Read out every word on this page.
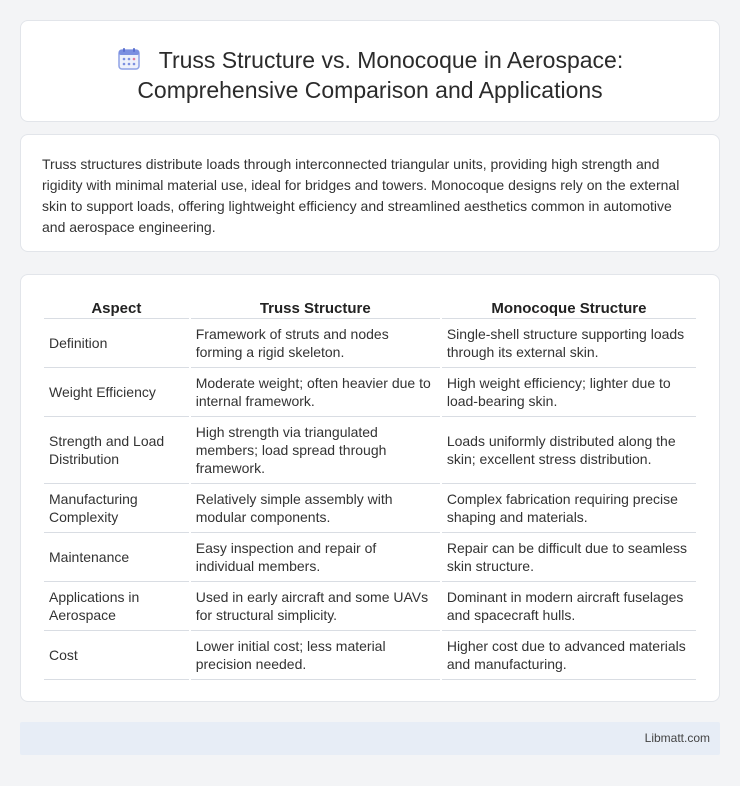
Truss Structure vs. Monocoque in Aerospace:
Comprehensive Comparison and Applications

Truss structures distribute loads through interconnected triangular units, providing high strength and rigidity with minimal material use, ideal for bridges and towers. Monocoque designs rely on the external skin to support loads, offering lightweight efficiency and streamlined aesthetics common in automotive and aerospace engineering.

Aspect	Truss Structure	Monocoque Structure
Definition	Framework of struts and nodes forming a rigid skeleton.	Single-shell structure supporting loads through its external skin.
Weight Efficiency	Moderate weight; often heavier due to internal framework.	High weight efficiency; lighter due to load-bearing skin.
Strength and Load Distribution	High strength via triangulated members; load spread through framework.	Loads uniformly distributed along the skin; excellent stress distribution.
Manufacturing Complexity	Relatively simple assembly with modular components.	Complex fabrication requiring precise shaping and materials.
Maintenance	Easy inspection and repair of individual members.	Repair can be difficult due to seamless skin structure.
Applications in Aerospace	Used in early aircraft and some UAVs for structural simplicity.	Dominant in modern aircraft fuselages and spacecraft hulls.
Cost	Lower initial cost; less material precision needed.	Higher cost due to advanced materials and manufacturing.
Libmatt.com
